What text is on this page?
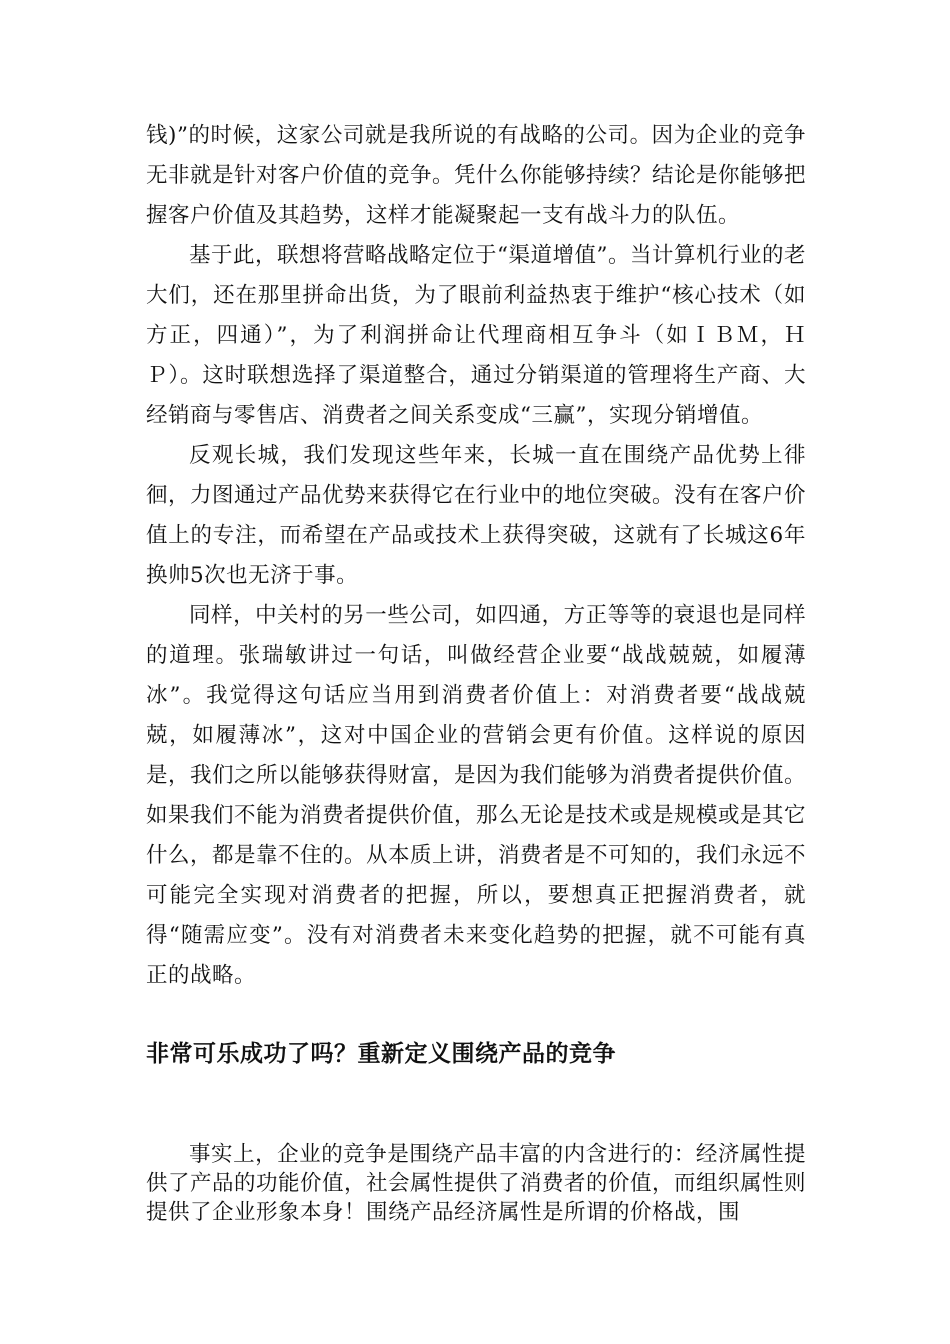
钱)”的时候，这家公司就是我所说的有战略的公司。因为企业的竞争无非就是针对客户价值的竞争。凭什么你能够持续？结论是你能够把握客户价值及其趋势，这样才能凝聚起一支有战斗力的队伍。

基于此，联想将营略战略定位于“渠道增值”。当计算机行业的老大们，还在那里拼命出货，为了眼前利益热衷于维护“核心技术（如方正，四通）”，为了利润拼命让代理商相互争斗（如ＩＢＭ，ＨＰ）。这时联想选择了渠道整合，通过分销渠道的管理将生产商、大经销商与零售店、消费者之间关系变成“三赢”，实现分销增值。

反观长城，我们发现这些年来，长城一直在围绕产品优势上徘徊，力图通过产品优势来获得它在行业中的地位突破。没有在客户价值上的专注，而希望在产品或技术上获得突破，这就有了长城这6年换帅5次也无济于事。

同样，中关村的另一些公司，如四通，方正等等的衰退也是同样的道理。张瑞敏讲过一句话，叫做经营企业要“战战兢兢，如履薄冰”。我觉得这句话应当用到消费者价值上：对消费者要“战战兢兢，如履薄冰”，这对中国企业的营销会更有价值。这样说的原因是，我们之所以能够获得财富，是因为我们能够为消费者提供价值。如果我们不能为消费者提供价值，那么无论是技术或是规模或是其它什么，都是靠不住的。从本质上讲，消费者是不可知的，我们永远不可能完全实现对消费者的把握，所以，要想真正把握消费者，就得“随需应变”。没有对消费者未来变化趋势的把握，就不可能有真正的战略。

非常可乐成功了吗？重新定义围绕产品的竞争

事实上，企业的竞争是围绕产品丰富的内含进行的：经济属性提供了产品的功能价值，社会属性提供了消费者的价值，而组织属性则提供了企业形象本身！围绕产品经济属性是所谓的价格战，围
